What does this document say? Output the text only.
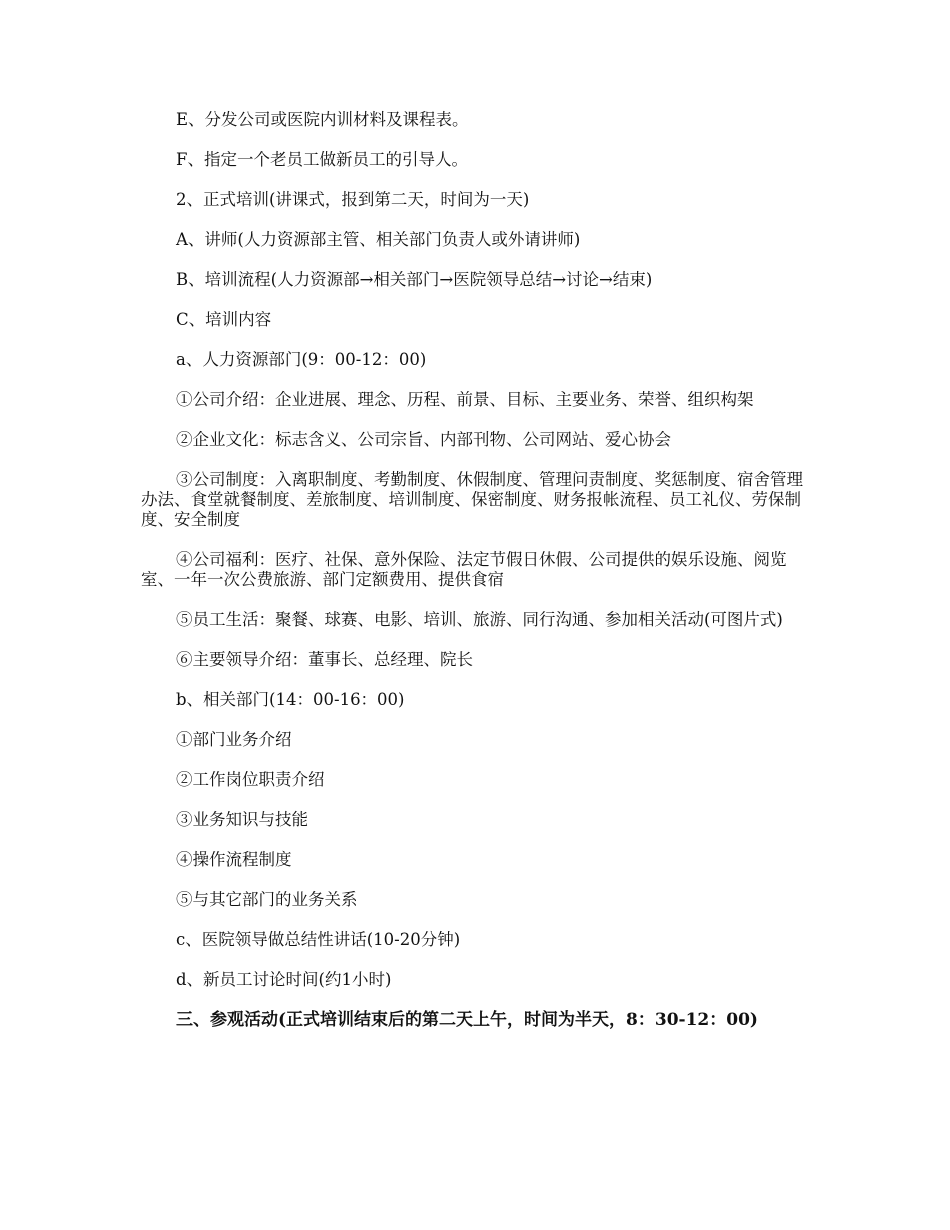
E、分发公司或医院内训材料及课程表。

F、指定一个老员工做新员工的引导人。

2、正式培训(讲课式，报到第二天，时间为一天)

A、讲师(人力资源部主管、相关部门负责人或外请讲师)

B、培训流程(人力资源部→相关部门→医院领导总结→讨论→结束)

C、培训内容

a、人力资源部门(9：00-12：00)

①公司介绍：企业进展、理念、历程、前景、目标、主要业务、荣誉、组织构架

②企业文化：标志含义、公司宗旨、内部刊物、公司网站、爱心协会

③公司制度：入离职制度、考勤制度、休假制度、管理问责制度、奖惩制度、宿舍管理办法、食堂就餐制度、差旅制度、培训制度、保密制度、财务报帐流程、员工礼仪、劳保制度、安全制度

④公司福利：医疗、社保、意外保险、法定节假日休假、公司提供的娱乐设施、阅览室、一年一次公费旅游、部门定额费用、提供食宿

⑤员工生活：聚餐、球赛、电影、培训、旅游、同行沟通、参加相关活动(可图片式)

⑥主要领导介绍：董事长、总经理、院长

b、相关部门(14：00-16：00)

①部门业务介绍

②工作岗位职责介绍

③业务知识与技能

④操作流程制度

⑤与其它部门的业务关系

c、医院领导做总结性讲话(10-20分钟)

d、新员工讨论时间(约1小时)

三、参观活动(正式培训结束后的第二天上午，时间为半天，8：30-12：00)
